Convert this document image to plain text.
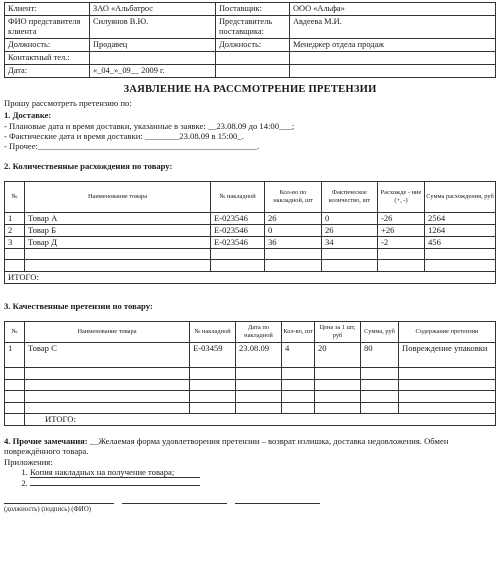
Клиент:	ЗАО «Альбатрос	Поставщик:	ООО «Альфа»
ФИО представителя клиента	Силуянов В.Ю.	Представитель поставщика:	Авдеева М.И.
Должность:	Продавец	Должность:	Менеджер отдела продаж
Контактный тел.:			
Дата:	«_04_»_09__ 2009 г.		
ЗАЯВЛЕНИЕ НА РАССМОТРЕНИЕ ПРЕТЕНЗИИ
Прошу рассмотреть претензию по:
1. Доставке:
- Плановые дата и время доставки, указанные в заявке: __23.08.09 до 14:00___;
- Фактические дата и время доставки: ________23.08.09 в 15:00_.
- Прочее:___________________________________________________.
2. Количественные расхождения по товару:
№	Наименование товара	№ накладной	Кол-во по накладной, шт	Фактическое количество, шт	Расхожде - ние (+, -)	Сумма расхождения, руб
1	Товар А	Е-023546	26	0	-26	2564
2	Товар Б	Е-023546	0	26	+26	1264
3	Товар Д	Е-023546	36	34	-2	456

ИТОГО:						
3. Качественные претензии по товару:
№	Наименование товара	№ накладной	Дата по накладной	Кол-во, шт	Цена за 1 шт, руб	Сумма, руб	Содержание претензии
1	Товар С	Е-03459	23.08.09	4	20	80	Повреждение упаковки

	ИТОГО:						
4. Прочие замечания: __Желаемая форма удовлетворения претензии – возврат излишка, доставка недовложения. Обмен повреждённого товара.
Приложения:
1. Копия накладных на получение товара;
2.
(должность) (подпись) (ФИО)
